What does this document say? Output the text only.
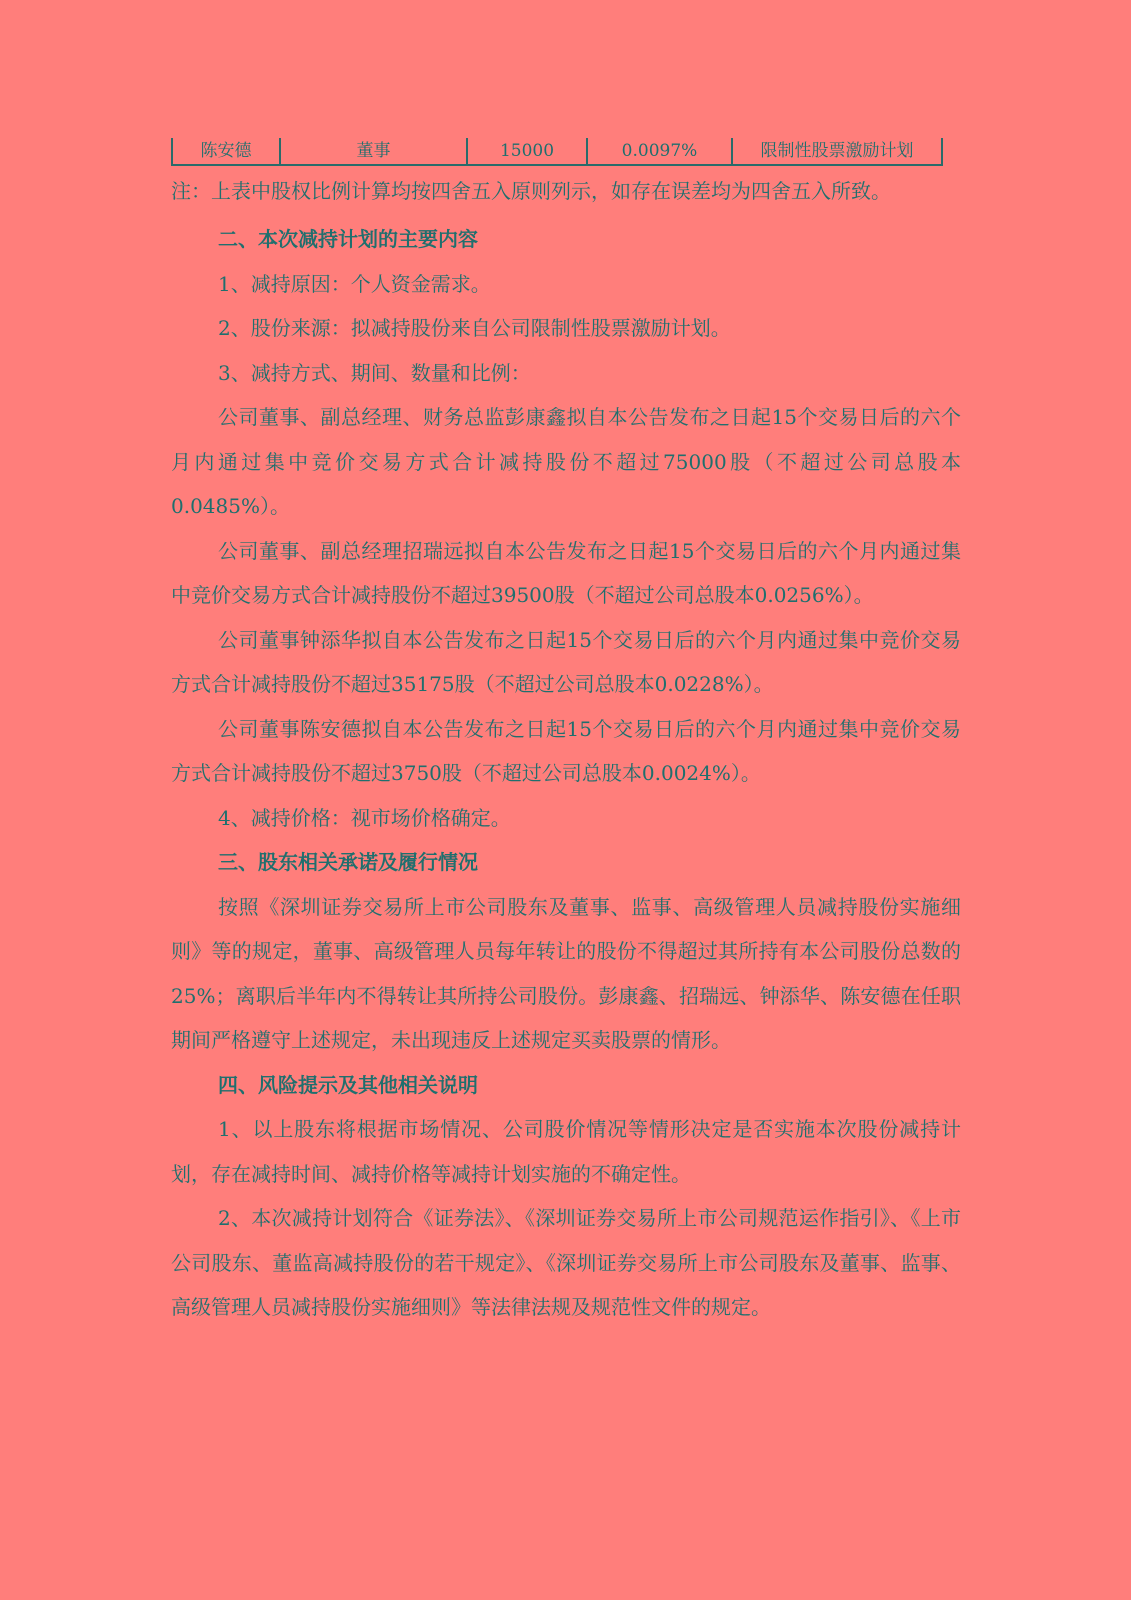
陈安德	董事	15000	0.0097%	限制性股票激励计划
注：上表中股权比例计算均按四舍五入原则列示，如存在误差均为四舍五入所致。

二、本次减持计划的主要内容

1、减持原因：个人资金需求。

2、股份来源：拟减持股份来自公司限制性股票激励计划。

3、减持方式、期间、数量和比例：

公司董事、副总经理、财务总监彭康鑫拟自本公告发布之日起15个交易日后的六个月内通过集中竞价交易方式合计减持股份不超过75000股（不超过公司总股本0.0485%）。

公司董事、副总经理招瑞远拟自本公告发布之日起15个交易日后的六个月内通过集中竞价交易方式合计减持股份不超过39500股（不超过公司总股本0.0256%）。

公司董事钟添华拟自本公告发布之日起15个交易日后的六个月内通过集中竞价交易方式合计减持股份不超过35175股（不超过公司总股本0.0228%）。

公司董事陈安德拟自本公告发布之日起15个交易日后的六个月内通过集中竞价交易方式合计减持股份不超过3750股（不超过公司总股本0.0024%）。

4、减持价格：视市场价格确定。

三、股东相关承诺及履行情况

按照《深圳证券交易所上市公司股东及董事、监事、高级管理人员减持股份实施细则》等的规定，董事、高级管理人员每年转让的股份不得超过其所持有本公司股份总数的25%；离职后半年内不得转让其所持公司股份。彭康鑫、招瑞远、钟添华、陈安德在任职期间严格遵守上述规定，未出现违反上述规定买卖股票的情形。

四、风险提示及其他相关说明

1、以上股东将根据市场情况、公司股价情况等情形决定是否实施本次股份减持计划，存在减持时间、减持价格等减持计划实施的不确定性。

2、本次减持计划符合《证券法》、《深圳证券交易所上市公司规范运作指引》、《上市公司股东、董监高减持股份的若干规定》、《深圳证券交易所上市公司股东及董事、监事、高级管理人员减持股份实施细则》等法律法规及规范性文件的规定。
